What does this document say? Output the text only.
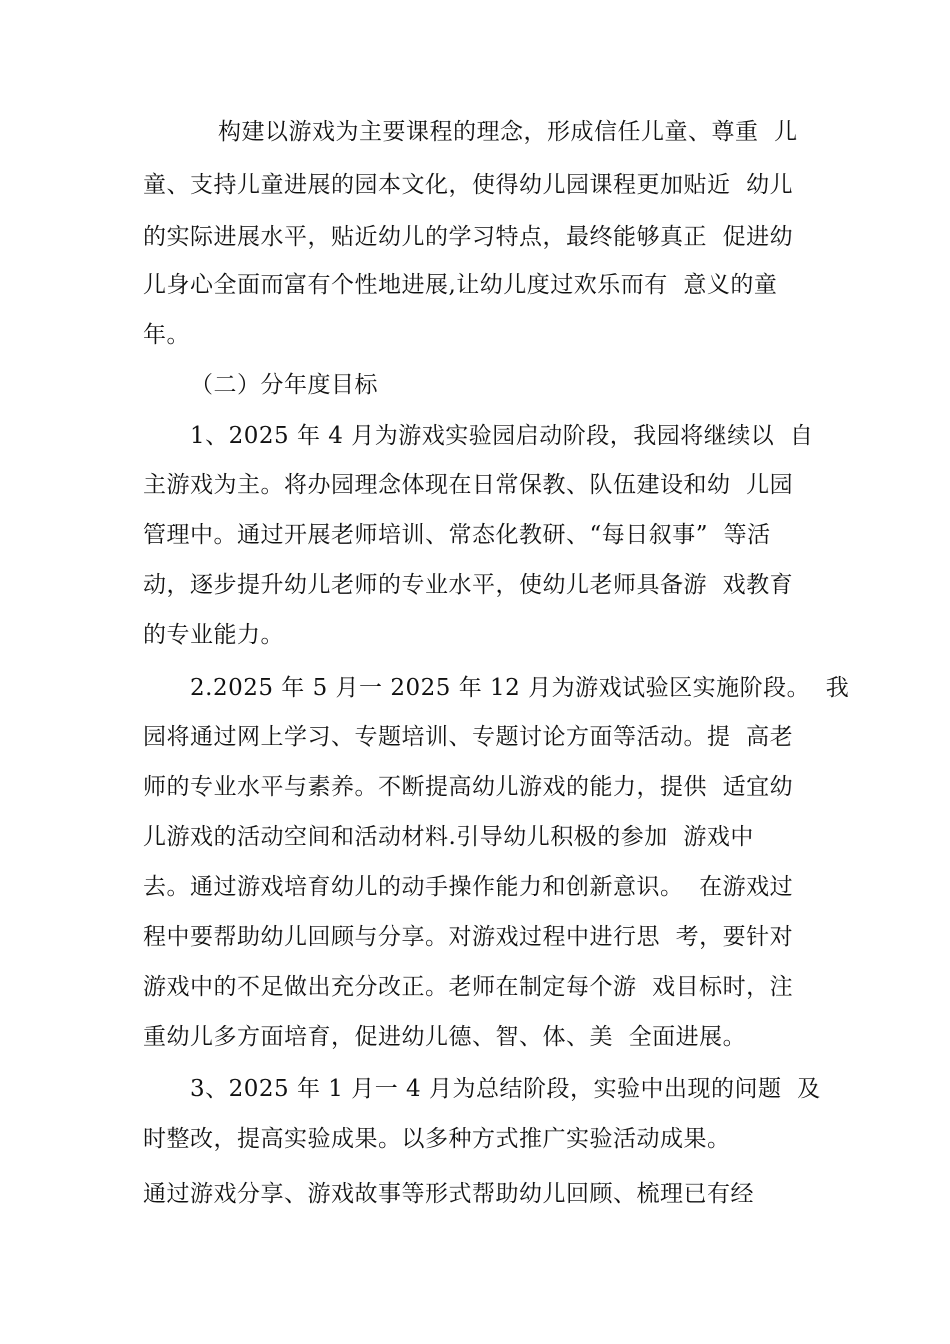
构建以游戏为主要课程的理念，形成信任儿童、尊重  儿
童、支持儿童进展的园本文化，使得幼儿园课程更加贴近  幼儿
的实际进展水平，贴近幼儿的学习特点，最终能够真正  促进幼
儿身心全面而富有个性地进展,让幼儿度过欢乐而有  意义的童
年。
（二）分年度目标
1、2025 年 4 月为游戏实验园启动阶段，我园将继续以  自
主游戏为主。将办园理念体现在日常保教、队伍建设和幼  儿园
管理中。通过开展老师培训、常态化教研、“每日叙事”  等活
动，逐步提升幼儿老师的专业水平，使幼儿老师具备游  戏教育
的专业能力。
2.2025 年 5 月一 2025 年 12 月为游戏试验区实施阶段。  我
园将通过网上学习、专题培训、专题讨论方面等活动。提  高老
师的专业水平与素养。不断提高幼儿游戏的能力，提供  适宜幼
儿游戏的活动空间和活动材料.引导幼儿积极的参加  游戏中
去。通过游戏培育幼儿的动手操作能力和创新意识。  在游戏过
程中要帮助幼儿回顾与分享。对游戏过程中进行思  考，要针对
游戏中的不足做出充分改正。老师在制定每个游  戏目标时，注
重幼儿多方面培育，促进幼儿德、智、体、美  全面进展。
3、2025 年 1 月一 4 月为总结阶段，实验中出现的问题  及
时整改，提高实验成果。以多种方式推广实验活动成果。
通过游戏分享、游戏故事等形式帮助幼儿回顾、梳理已有经
